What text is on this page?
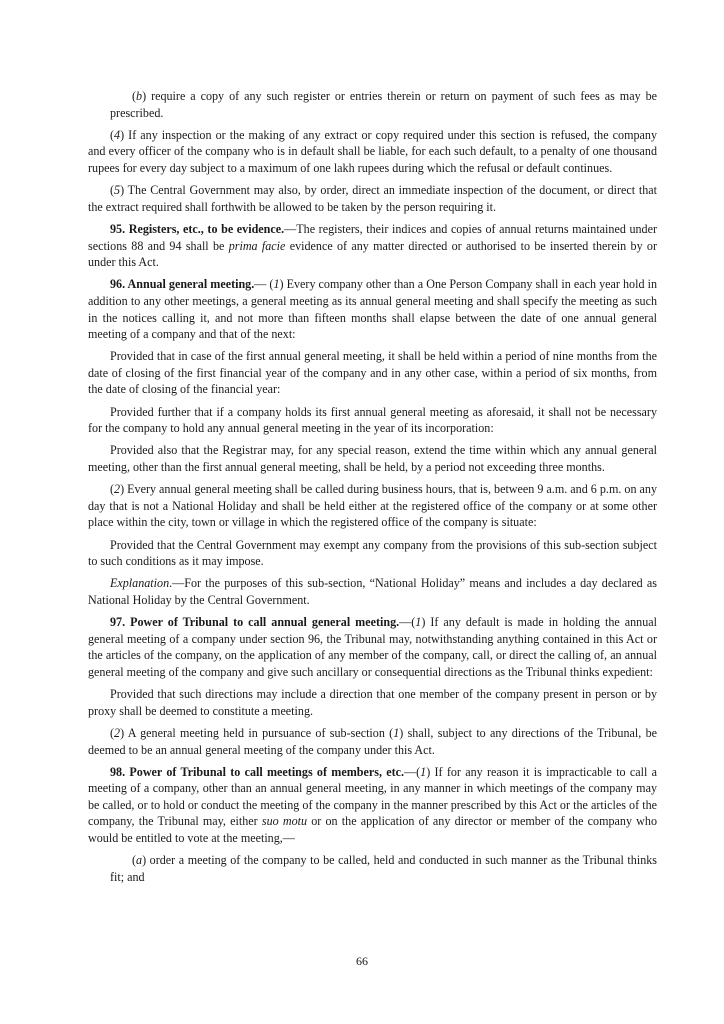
(b) require a copy of any such register or entries therein or return on payment of such fees as may be prescribed.

(4) If any inspection or the making of any extract or copy required under this section is refused, the company and every officer of the company who is in default shall be liable, for each such default, to a penalty of one thousand rupees for every day subject to a maximum of one lakh rupees during which the refusal or default continues.

(5) The Central Government may also, by order, direct an immediate inspection of the document, or direct that the extract required shall forthwith be allowed to be taken by the person requiring it.

95. Registers, etc., to be evidence.—The registers, their indices and copies of annual returns maintained under sections 88 and 94 shall be prima facie evidence of any matter directed or authorised to be inserted therein by or under this Act.

96. Annual general meeting.— (1) Every company other than a One Person Company shall in each year hold in addition to any other meetings, a general meeting as its annual general meeting and shall specify the meeting as such in the notices calling it, and not more than fifteen months shall elapse between the date of one annual general meeting of a company and that of the next:

Provided that in case of the first annual general meeting, it shall be held within a period of nine months from the date of closing of the first financial year of the company and in any other case, within a period of six months, from the date of closing of the financial year:

Provided further that if a company holds its first annual general meeting as aforesaid, it shall not be necessary for the company to hold any annual general meeting in the year of its incorporation:

Provided also that the Registrar may, for any special reason, extend the time within which any annual general meeting, other than the first annual general meeting, shall be held, by a period not exceeding three months.

(2) Every annual general meeting shall be called during business hours, that is, between 9 a.m. and 6 p.m. on any day that is not a National Holiday and shall be held either at the registered office of the company or at some other place within the city, town or village in which the registered office of the company is situate:

Provided that the Central Government may exempt any company from the provisions of this sub-section subject to such conditions as it may impose.

Explanation.—For the purposes of this sub-section, “National Holiday” means and includes a day declared as National Holiday by the Central Government.

97. Power of Tribunal to call annual general meeting.—(1) If any default is made in holding the annual general meeting of a company under section 96, the Tribunal may, notwithstanding anything contained in this Act or the articles of the company, on the application of any member of the company, call, or direct the calling of, an annual general meeting of the company and give such ancillary or consequential directions as the Tribunal thinks expedient:

Provided that such directions may include a direction that one member of the company present in person or by proxy shall be deemed to constitute a meeting.

(2) A general meeting held in pursuance of sub-section (1) shall, subject to any directions of the Tribunal, be deemed to be an annual general meeting of the company under this Act.

98. Power of Tribunal to call meetings of members, etc.—(1) If for any reason it is impracticable to call a meeting of a company, other than an annual general meeting, in any manner in which meetings of the company may be called, or to hold or conduct the meeting of the company in the manner prescribed by this Act or the articles of the company, the Tribunal may, either suo motu or on the application of any director or member of the company who would be entitled to vote at the meeting,—

(a) order a meeting of the company to be called, held and conducted in such manner as the Tribunal thinks fit; and

66
